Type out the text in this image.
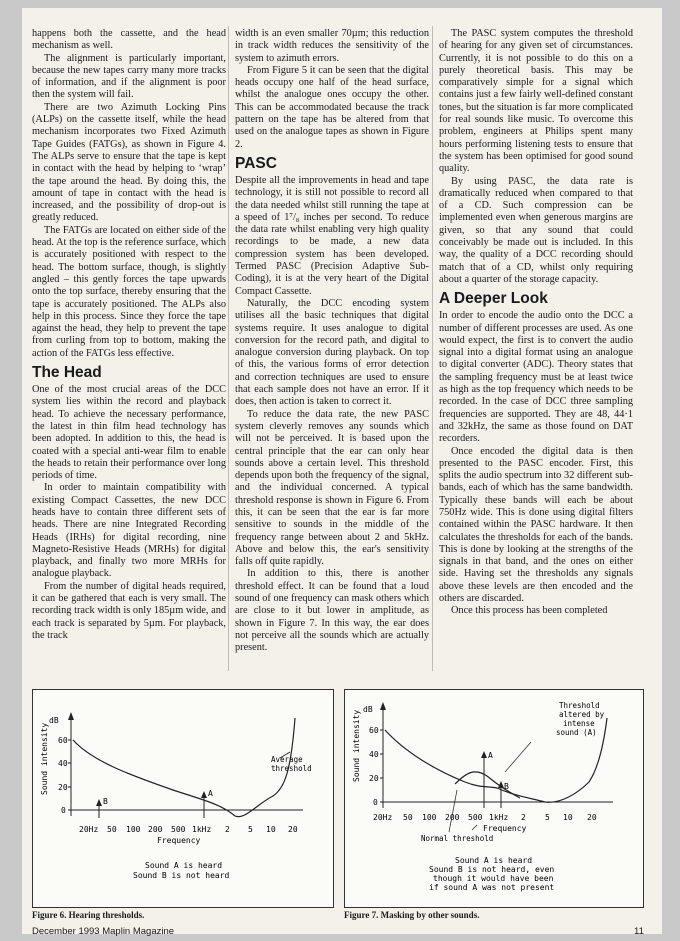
happens both the cassette, and the head mechanism as well.

The alignment is particularly important, because the new tapes carry many more tracks of information, and if the alignment is poor then the system will fail.

There are two Azimuth Locking Pins (ALPs) on the cassette itself, while the head mechanism incorporates two Fixed Azimuth Tape Guides (FATGs), as shown in Figure 4. The ALPs serve to ensure that the tape is kept in contact with the head by helping to ‘wrap’ the tape around the head. By doing this, the amount of tape in contact with the head is increased, and the possibility of drop-out is greatly reduced.

The FATGs are located on either side of the head. At the top is the reference surface, which is accurately positioned with respect to the head. The bottom surface, though, is slightly angled – this gently forces the tape upwards onto the top surface, thereby ensuring that the tape is accurately positioned. The ALPs also help in this process. Since they force the tape against the head, they help to prevent the tape from curling from top to bottom, making the action of the FATGs less effective.

The Head

One of the most crucial areas of the DCC system lies within the record and playback head. To achieve the necessary performance, the latest in thin film head technology has been adopted. In addition to this, the head is coated with a special anti-wear film to enable the heads to retain their performance over long periods of time.

In order to maintain compatibility with existing Compact Cassettes, the new DCC heads have to contain three different sets of heads. There are nine Integrated Recording Heads (IRHs) for digital recording, nine Magneto-Resistive Heads (MRHs) for digital playback, and finally two more MRHs for analogue playback.

From the number of digital heads required, it can be gathered that each is very small. The recording track width is only 185µm wide, and each track is separated by 5µm. For playback, the track

width is an even smaller 70µm; this reduction in track width reduces the sensitivity of the system to azimuth errors.

From Figure 5 it can be seen that the digital heads occupy one half of the head surface, whilst the analogue ones occupy the other. This can be accommodated because the track pattern on the tape has be altered from that used on the analogue tapes as shown in Figure 2.

PASC

Despite all the improvements in head and tape technology, it is still not possible to record all the data needed whilst still running the tape at a speed of 1⁷/₈ inches per second. To reduce the data rate whilst enabling very high quality recordings to be made, a new data compression system has been developed. Termed PASC (Precision Adaptive Sub-Coding), it is at the very heart of the Digital Compact Cassette.

Naturally, the DCC encoding system utilises all the basic techniques that digital systems require. It uses analogue to digital conversion for the record path, and digital to analogue conversion during playback. On top of this, the various forms of error detection and correction techniques are used to ensure that each sample does not have an error. If it does, then action is taken to correct it.

To reduce the data rate, the new PASC system cleverly removes any sounds which will not be perceived. It is based upon the central principle that the ear can only hear sounds above a certain level. This threshold depends upon both the frequency of the signal, and the individual concerned. A typical threshold response is shown in Figure 6. From this, it can be seen that the ear is far more sensitive to sounds in the middle of the frequency range between about 2 and 5kHz. Above and below this, the ear's sensitivity falls off quite rapidly.

In addition to this, there is another threshold effect. It can be found that a loud sound of one frequency can mask others which are close to it but lower in amplitude, as shown in Figure 7. In this way, the ear does not perceive all the sounds which are actually present.

The PASC system computes the threshold of hearing for any given set of circumstances. Currently, it is not possible to do this on a purely theoretical basis. This may be comparatively simple for a signal which contains just a few fairly well-defined constant tones, but the situation is far more complicated for real sounds like music. To overcome this problem, engineers at Philips spent many hours performing listening tests to ensure that the system has been optimised for good sound quality.

By using PASC, the data rate is dramatically reduced when compared to that of a CD. Such compression can be implemented even when generous margins are given, so that any sound that could conceivably be made out is included. In this way, the quality of a DCC recording should match that of a CD, whilst only requiring about a quarter of the storage capacity.

A Deeper Look

In order to encode the audio onto the DCC a number of different processes are used. As one would expect, the first is to convert the audio signal into a digital format using an analogue to digital converter (ADC). Theory states that the sampling frequency must be at least twice as high as the top frequency which needs to be recorded. In the case of DCC three sampling frequencies are supported. They are 48, 44·1 and 32kHz, the same as those found on DAT recorders.

Once encoded the digital data is then presented to the PASC encoder. First, this splits the audio spectrum into 32 different sub-bands, each of which has the same bandwidth. Typically these bands will each be about 750Hz wide. This is done using digital filters contained within the PASC hardware. It then calculates the thresholds for each of the bands. This is done by looking at the strengths of the signals in that band, and the ones on either side. Having set the thresholds any signals above these levels are then encoded and the others are discarded.

Once this process has been completed

dB
Sound intensity 60
40
20
0
20Hz 50 100 200 500 1kHz 2 5 10 20
Frequency
Average threshold
A
B
Sound A is heard
Sound B is not heard
dB
Sound intensity 60
40
20
0
20Hz 50 100 200 500 1kHz 2 5 10 20
Frequency
A
B
Threshold
altered by
intense
sound (A)
Normal threshold
Sound A is heard
Sound B is not heard, even
though it would have been
if sound A was not present
Figure 6. Hearing thresholds.	Figure 7. Masking by other sounds.
December 1993 Maplin Magazine	11
